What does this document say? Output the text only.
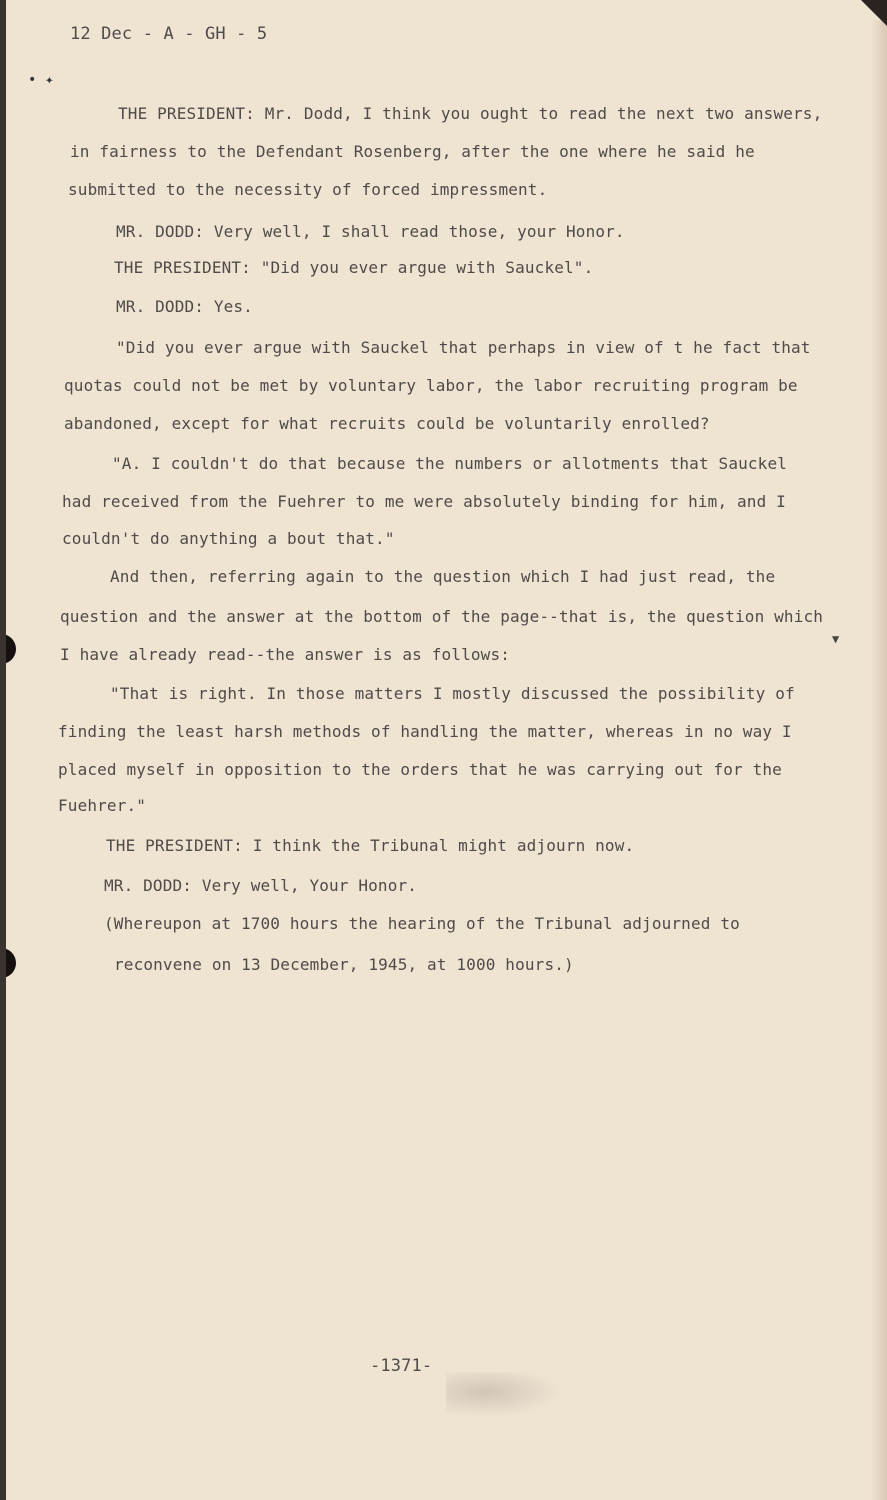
12 Dec - A - GH - 5
• ✦
▼
THE PRESIDENT: Mr. Dodd, I think you ought to read the next two answers,
in fairness to the Defendant Rosenberg, after the one where he said he
submitted to the necessity of forced impressment.
MR. DODD: Very well, I shall read those, your Honor.
THE PRESIDENT: "Did you ever argue with Sauckel".
MR. DODD: Yes.
"Did you ever argue with Sauckel that perhaps in view of t he fact that
quotas could not be met by voluntary labor, the labor recruiting program be
abandoned, except for what recruits could be voluntarily enrolled?
"A. I couldn't do that because the numbers or allotments that Sauckel
had received from the Fuehrer to me were absolutely binding for him, and I
couldn't do anything a bout that."
And then, referring again to the question which I had just read, the
question and the answer at the bottom of the page--that is, the question which
I have already read--the answer is as follows:
"That is right. In those matters I mostly discussed the possibility of
finding the least harsh methods of handling the matter, whereas in no way I
placed myself in opposition to the orders that he was carrying out for the
Fuehrer."
THE PRESIDENT: I think the Tribunal might adjourn now.
MR. DODD: Very well, Your Honor.
(Whereupon at 1700 hours the hearing of the Tribunal adjourned to
reconvene on 13 December, 1945, at 1000 hours.)
-1371-
